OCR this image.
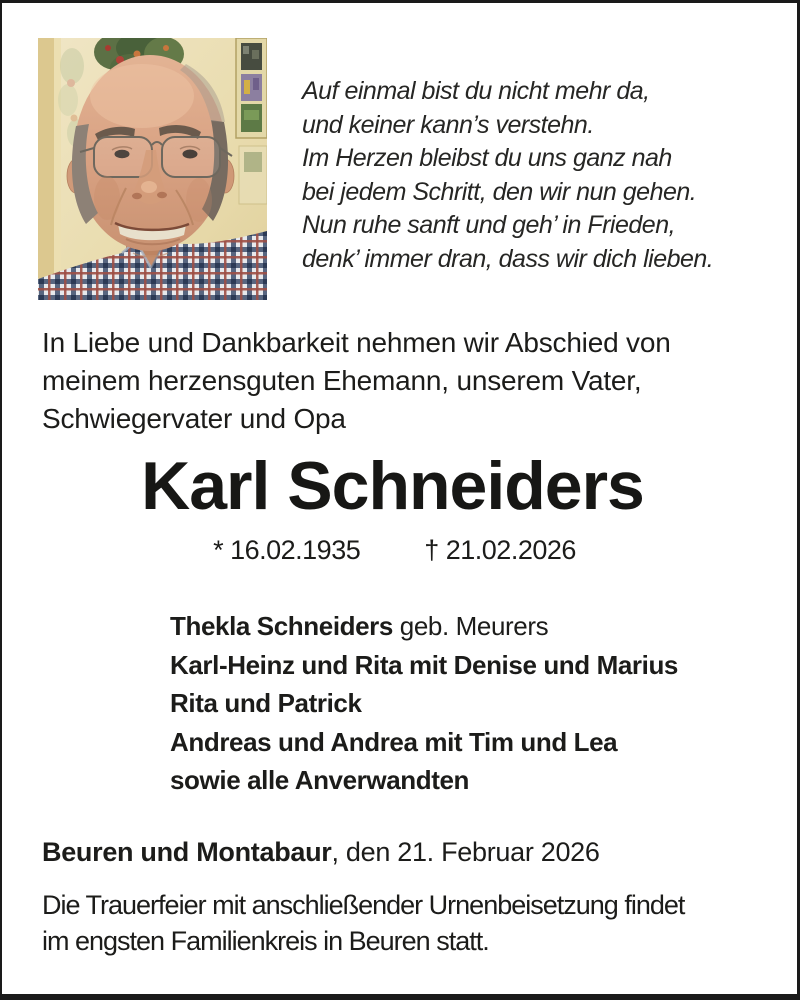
Auf einmal bist du nicht mehr da,
und keiner kann’s verstehn.
Im Herzen bleibst du uns ganz nah
bei jedem Schritt, den wir nun gehen.
Nun ruhe sanft und geh’ in Frieden,
denk’ immer dran, dass wir dich lieben.
In Liebe und Dankbarkeit nehmen wir Abschied von
meinem herzensguten Ehemann, unserem Vater,
Schwiegervater und Opa
Karl Schneiders
* 16.02.1935 † 21.02.2026
Thekla Schneiders geb. Meurers
Karl-Heinz und Rita mit Denise und Marius
Rita und Patrick
Andreas und Andrea mit Tim und Lea
sowie alle Anverwandten
Beuren und Montabaur, den 21. Februar 2026
Die Trauerfeier mit anschließender Urnenbeisetzung findet
im engsten Familienkreis in Beuren statt.
